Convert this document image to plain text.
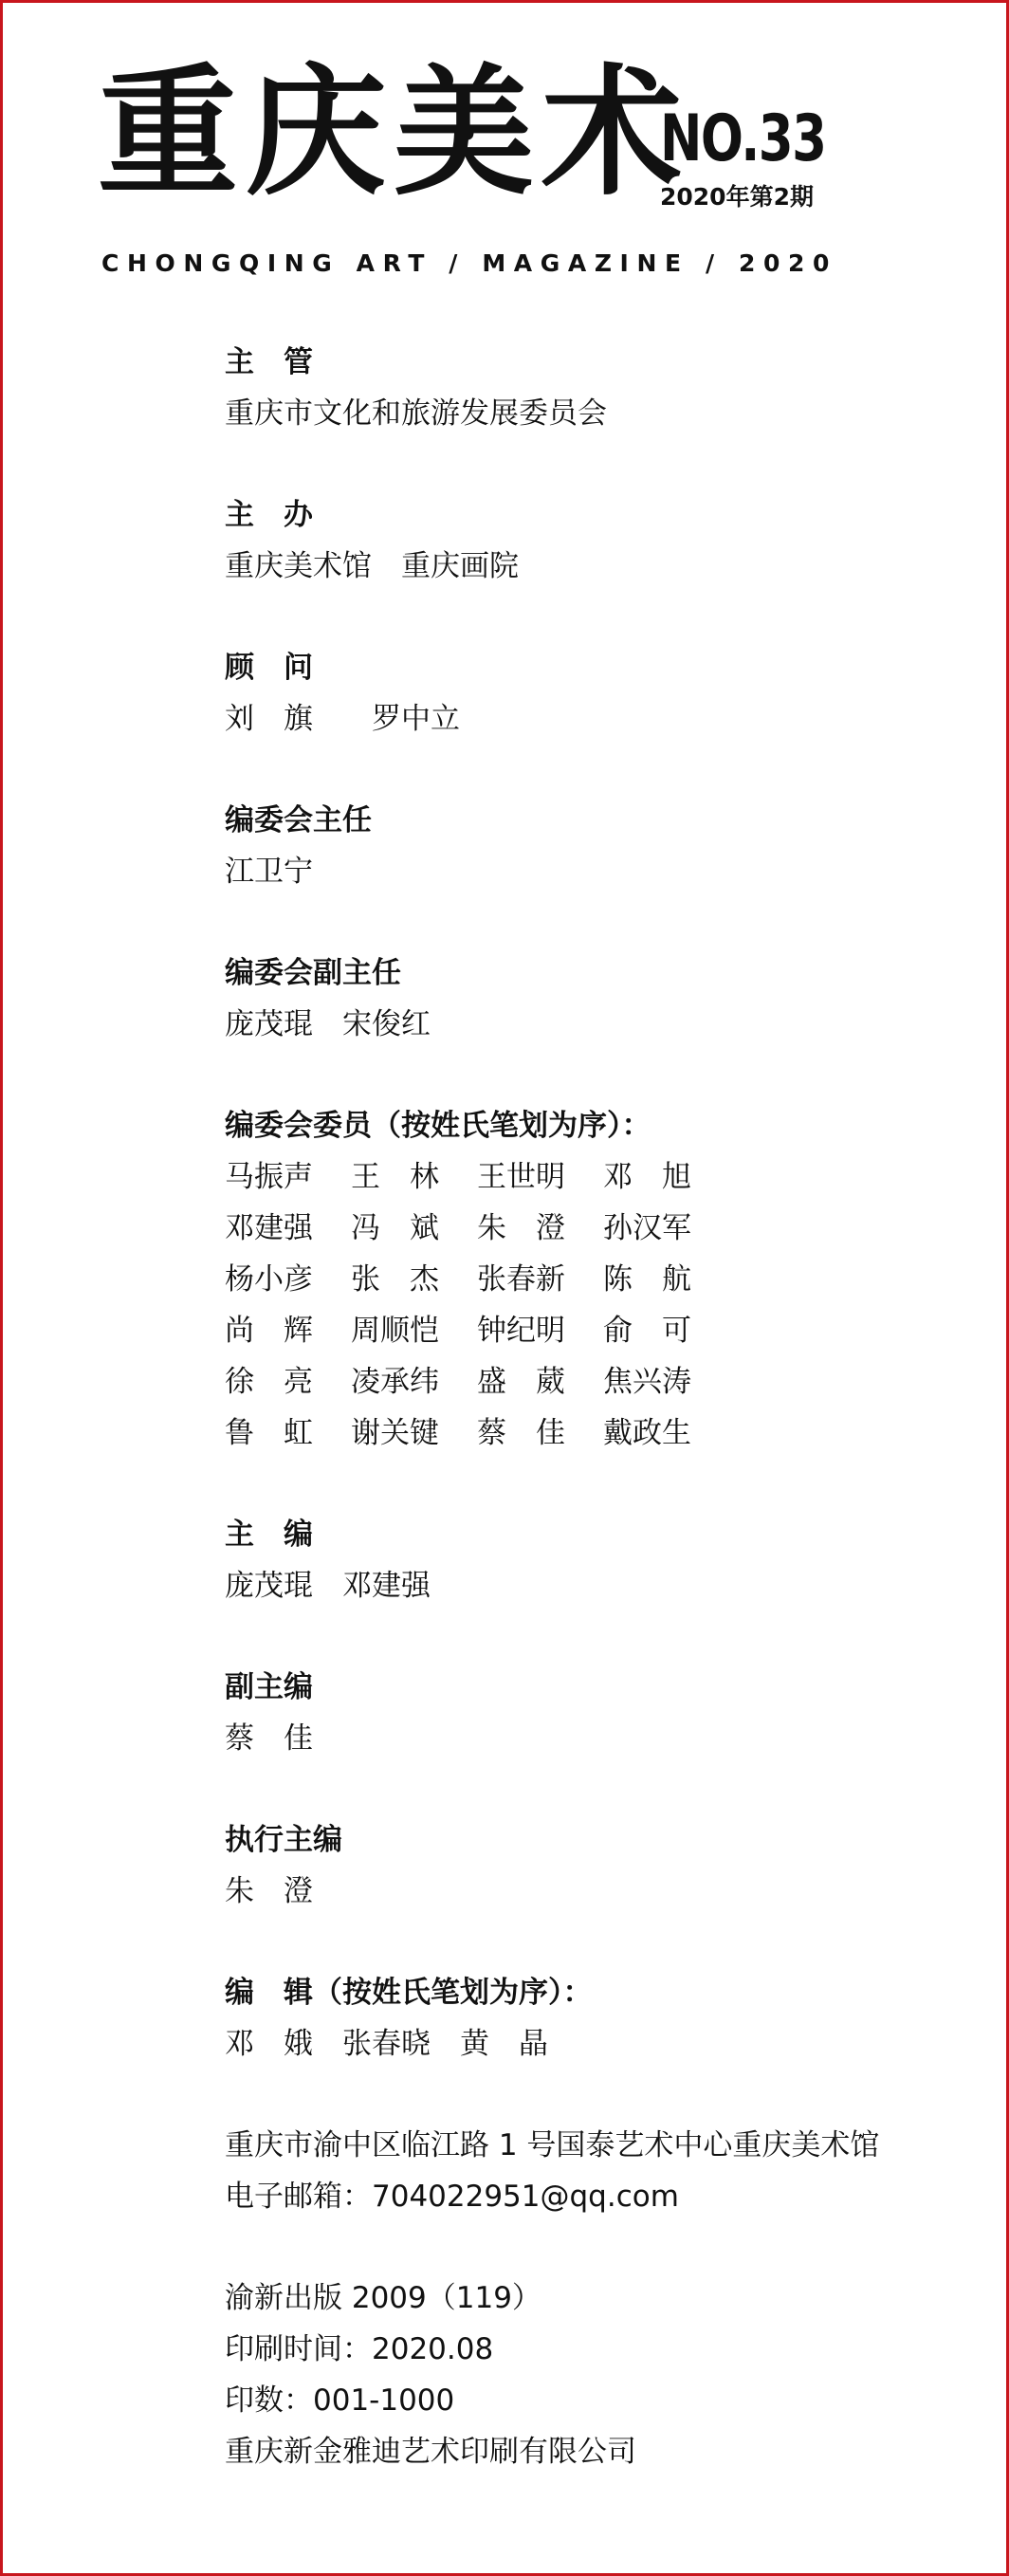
重庆美术
NO.33
2020年第2期
CHONGQING ART / MAGAZINE / 2020
主　管
重庆市文化和旅游发展委员会
主　办
重庆美术馆　重庆画院
顾　问
刘　旗　　罗中立
编委会主任
江卫宁
编委会副主任
庞茂琨　宋俊红
编委会委员（按姓氏笔划为序）：
马振声	王　林	王世明	邓　旭
邓建强	冯　斌	朱　澄	孙汉军
杨小彦	张　杰	张春新	陈　航
尚　辉	周顺恺	钟纪明	俞　可
徐　亮	凌承纬	盛　葳	焦兴涛
鲁　虹	谢关键	蔡　佳	戴政生
主　编
庞茂琨　邓建强
副主编
蔡　佳
执行主编
朱　澄
编　辑（按姓氏笔划为序）：
邓　娥　张春晓　黄　晶
重庆市渝中区临江路 1 号国泰艺术中心重庆美术馆
电子邮箱：704022951@qq.com
渝新出版 2009（119）
印刷时间：2020.08
印数：001-1000
重庆新金雅迪艺术印刷有限公司
